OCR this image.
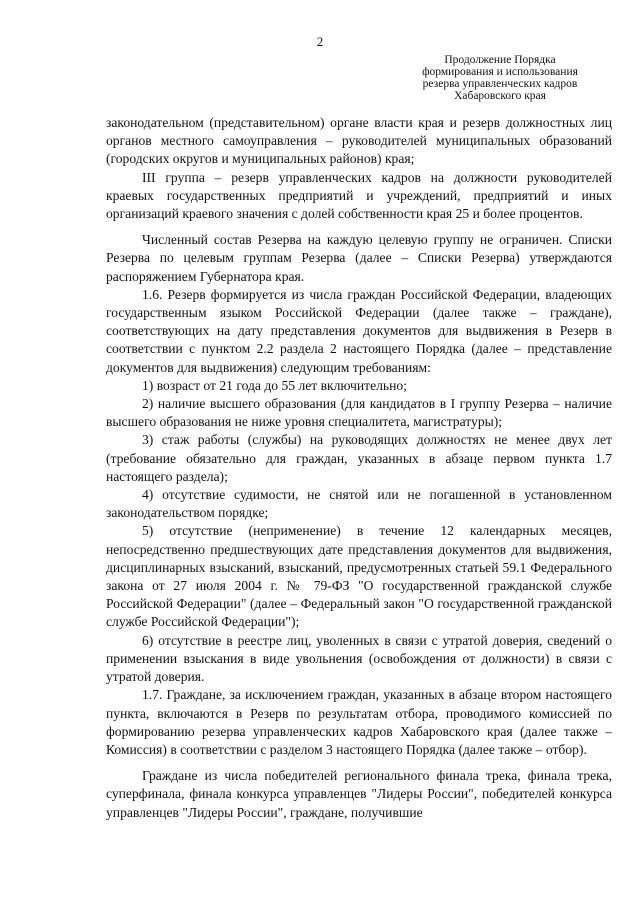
2
Продолжение Порядка
формирования и использования
резерва управленческих кадров
Хабаровского края

законодательном (представительном) органе власти края и резерв должностных лиц органов местного самоуправления – руководителей муниципальных образований (городских округов и муниципальных районов) края;

III группа – резерв управленческих кадров на должности руководителей краевых государственных предприятий и учреждений, предприятий и иных организаций краевого значения с долей собственности края 25 и более процентов.

Численный состав Резерва на каждую целевую группу не ограничен. Списки Резерва по целевым группам Резерва (далее – Списки Резерва) утверждаются распоряжением Губернатора края.

1.6. Резерв формируется из числа граждан Российской Федерации, владеющих государственным языком Российской Федерации (далее также – граждане), соответствующих на дату представления документов для выдвижения в Резерв в соответствии с пунктом 2.2 раздела 2 настоящего Порядка (далее – представление документов для выдвижения) следующим требованиям:

1) возраст от 21 года до 55 лет включительно;

2) наличие высшего образования (для кандидатов в I группу Резерва – наличие высшего образования не ниже уровня специалитета, магистратуры);

3) стаж работы (службы) на руководящих должностях не менее двух лет (требование обязательно для граждан, указанных в абзаце первом пункта 1.7 настоящего раздела);

4) отсутствие судимости, не снятой или не погашенной в установленном законодательством порядке;

5) отсутствие (неприменение) в течение 12 календарных месяцев, непосредственно предшествующих дате представления документов для выдвижения, дисциплинарных взысканий, взысканий, предусмотренных статьей 59.1 Федерального закона от 27 июля 2004 г. № 79-ФЗ "О государственной гражданской службе Российской Федерации" (далее – Федеральный закон "О государственной гражданской службе Российской Федерации");

6) отсутствие в реестре лиц, уволенных в связи с утратой доверия, сведений о применении взыскания в виде увольнения (освобождения от должности) в связи с утратой доверия.

1.7. Граждане, за исключением граждан, указанных в абзаце втором настоящего пункта, включаются в Резерв по результатам отбора, проводимого комиссией по формированию резерва управленческих кадров Хабаровского края (далее также – Комиссия) в соответствии с разделом 3 настоящего Порядка (далее также – отбор).

Граждане из числа победителей регионального финала трека, финала трека, суперфинала, финала конкурса управленцев "Лидеры России", победителей конкурса управленцев "Лидеры России", граждане, получившие
